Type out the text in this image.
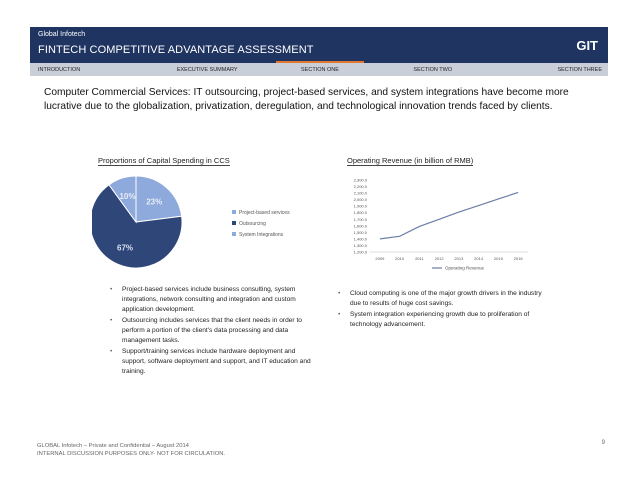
Global Infotech
FINTECH COMPETITIVE ADVANTAGE ASSESSMENT	GIT
INTRODUCTION	EXECUTIVE SUMMARY	SECTION ONE	SECTION TWO	SECTION THREE
Computer Commercial Services: IT outsourcing, project-based services, and system integrations have become more lucrative due to the globalization, privatization, deregulation, and technological innovation trends faced by clients.
Proportions of Capital Spending in CCS	Operating Revenue (in billion of RMB)
23%
67%
10%
Project-based services
Outsourcing
System Integrations
1,200.0
1,300.0
1,400.0
1,500.0
1,600.0
1,700.0
1,800.0
1,900.0
2,000.0
2,100.0
2,200.0
2,300.0
2009	2010	2011	2012	2013	2014	2015	2016
Operating Revenue
• Project-based services include business consulting, system integrations, network consulting and integration and custom application development.
• Outsourcing includes services that the client needs in order to perform a portion of the client's data processing and data management tasks.
• Support/training services include hardware deployment and support, software deployment and support, and IT education and training.
• Cloud computing is one of the major growth drivers in the industry due to results of huge cost savings.
• System integration experiencing growth due to proliferation of technology advancement.
GLOBAL Infotech – Private and Confidential – August 2014
INTERNAL DISCUSSION PURPOSES ONLY- NOT FOR CIRCULATION.
9
